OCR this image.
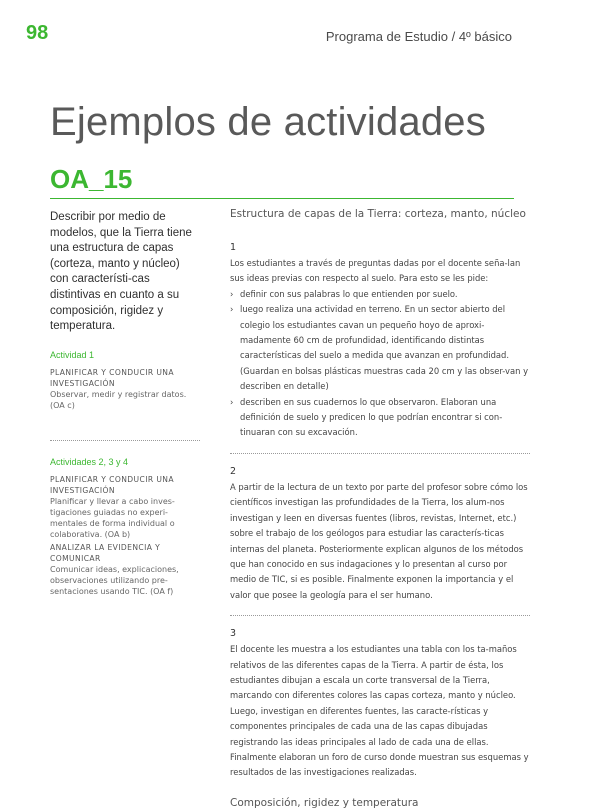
98	Programa de Estudio / 4º básico
Ejemplos de actividades
OA_15

Describir por medio de modelos, que la Tierra tiene una estructura de capas (corteza, manto y núcleo) con característi-cas distintivas en cuanto a su composición, rigidez y temperatura.

Actividad 1
PLANIFICAR Y CONDUCIR UNA INVESTIGACIÓN
Observar, medir y registrar datos. (OA c)
Actividades 2, 3 y 4
PLANIFICAR Y CONDUCIR UNA INVESTIGACIÓN
Planificar y llevar a cabo inves-tigaciones guiadas no experi-mentales de forma individual o colaborativa. (OA b)
ANALIZAR LA EVIDENCIA Y COMUNICAR
Comunicar ideas, explicaciones, observaciones utilizando pre-sentaciones usando TIC. (OA f)
Estructura de capas de la Tierra: corteza, manto, núcleo
1

Los estudiantes a través de preguntas dadas por el docente seña-lan sus ideas previas con respecto al suelo. Para esto se les pide:

› definir con sus palabras lo que entienden por suelo.
› luego realiza una actividad en terreno. En un sector abierto del colegio los estudiantes cavan un pequeño hoyo de aproxi-madamente 60 cm de profundidad, identificando distintas características del suelo a medida que avanzan en profundidad. (Guardan en bolsas plásticas muestras cada 20 cm y las obser-van y describen en detalle)
› describen en sus cuadernos lo que observaron. Elaboran una definición de suelo y predicen lo que podrían encontrar si con-tinuaran con su excavación.
2

A partir de la lectura de un texto por parte del profesor sobre cómo los científicos investigan las profundidades de la Tierra, los alum-nos investigan y leen en diversas fuentes (libros, revistas, Internet, etc.) sobre el trabajo de los geólogos para estudiar las caracterís-ticas internas del planeta. Posteriormente explican algunos de los métodos que han conocido en sus indagaciones y lo presentan al curso por medio de TIC, si es posible. Finalmente exponen la importancia y el valor que posee la geología para el ser humano.

3

El docente les muestra a los estudiantes una tabla con los ta-maños relativos de las diferentes capas de la Tierra. A partir de ésta, los estudiantes dibujan a escala un corte transversal de la Tierra, marcando con diferentes colores las capas corteza, manto y núcleo. Luego, investigan en diferentes fuentes, las caracte-rísticas y componentes principales de cada una de las capas dibujadas registrando las ideas principales al lado de cada una de ellas. Finalmente elaboran un foro de curso donde muestran sus esquemas y resultados de las investigaciones realizadas.

Composición, rigidez y temperatura
